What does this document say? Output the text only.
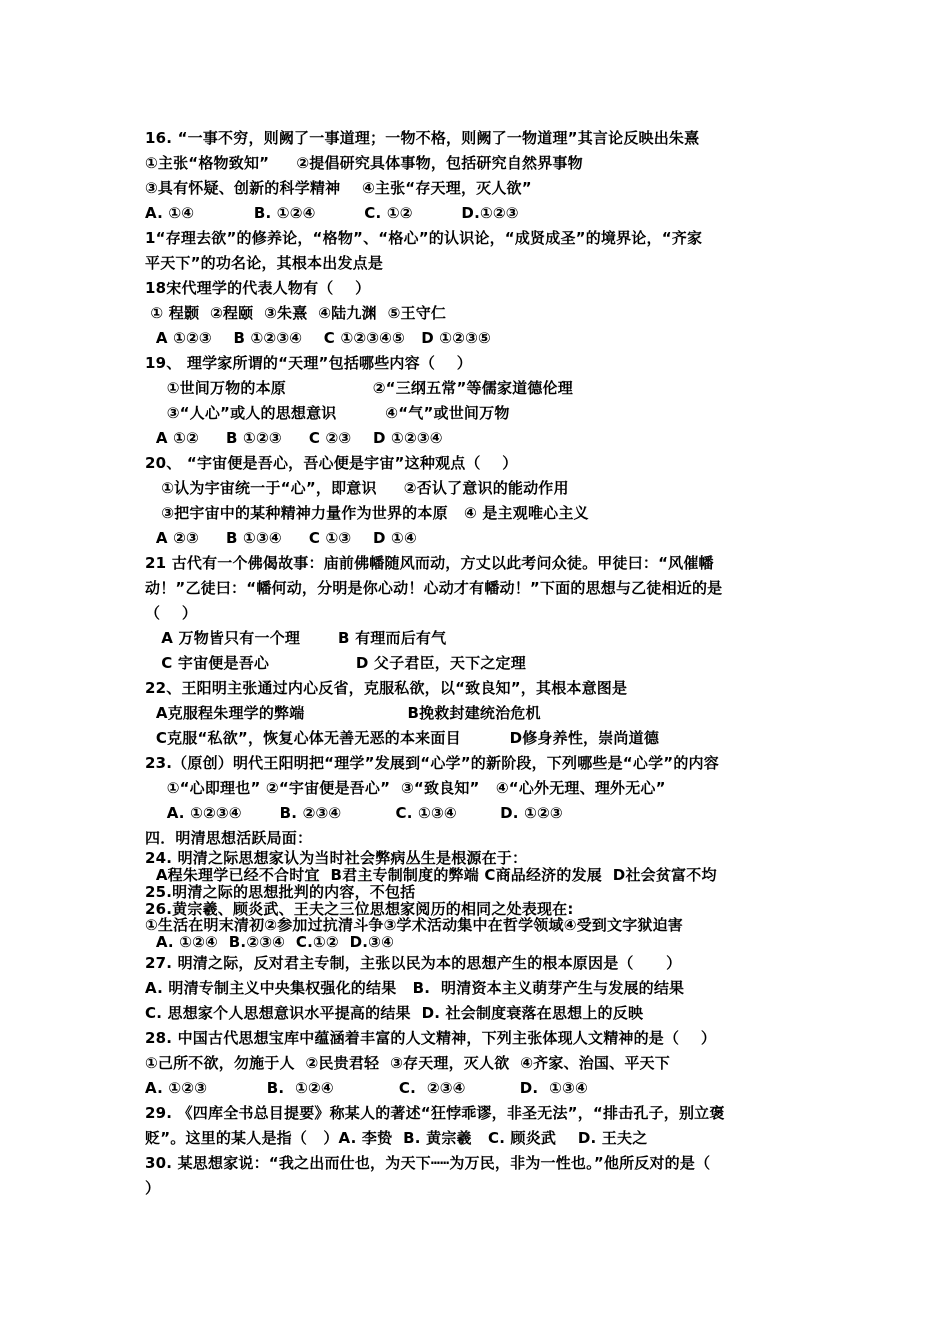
16. “一事不穷，则阙了一事道理；一物不格，则阙了一物道理”其言论反映出朱熹
①主张“格物致知”     ②提倡研究具体事物，包括研究自然界事物
③具有怀疑、创新的科学精神    ④主张“存天理，灭人欲”
A. ①④           B. ①②④         C. ①②         D.①②③
1“存理去欲”的修养论，“格物”、“格心”的认识论，“成贤成圣”的境界论，“齐家
平天下”的功名论，其根本出发点是
18宋代理学的代表人物有（    ）
① 程颢  ②程颐  ③朱熹  ④陆九渊  ⑤王守仁
A ①②③    B ①②③④    C ①②③④⑤   D ①②③⑤
19、 理学家所谓的“天理”包括哪些内容（    ）
①世间万物的本原                ②“三纲五常”等儒家道德伦理
③“人心”或人的思想意识         ④“气”或世间万物
A ①②     B ①②③     C ②③    D ①②③④
20、 “宇宙便是吾心，吾心便是宇宙”这种观点（    ）
①认为宇宙统一于“心”，即意识     ②否认了意识的能动作用
③把宇宙中的某种精神力量作为世界的本原   ④ 是主观唯心主义
A ②③     B ①③④     C ①③    D ①④
21 古代有一个佛偈故事：庙前佛幡随风而动，方丈以此考问众徒。甲徒曰：“风催幡
动！”乙徒曰：“幡何动，分明是你心动！心动才有幡动！”下面的思想与乙徒相近的是
（    ）
A 万物皆只有一个理       B 有理而后有气
C 宇宙便是吾心                D 父子君臣，天下之定理
22、王阳明主张通过内心反省，克服私欲，以“致良知”，其根本意图是
A克服程朱理学的弊端                   B挽救封建统治危机
C克服“私欲”，恢复心体无善无恶的本来面目         D修身养性，崇尚道德
23.（原创）明代王阳明把“理学”发展到“心学”的新阶段，下列哪些是“心学”的内容
①“心即理也” ②“宇宙便是吾心”  ③“致良知”   ④“心外无理、理外无心”
A. ①②③④       B. ②③④          C. ①③④        D. ①②③
四．明清思想活跃局面：
24. 明清之际思想家认为当时社会弊病丛生是根源在于：
A程朱理学已经不合时宜  B君主专制制度的弊端 C商品经济的发展  D社会贫富不均
25.明清之际的思想批判的内容，不包括
26.黄宗羲、顾炎武、王夫之三位思想家阅历的相同之处表现在:
①生活在明末清初②参加过抗清斗争③学术活动集中在哲学领域④受到文字狱迫害
A. ①②④  B.②③④  C.①②  D.③④
27. 明清之际，反对君主专制，主张以民为本的思想产生的根本原因是（      ）
A. 明清专制主义中央集权强化的结果   B.  明清资本主义萌芽产生与发展的结果
C. 思想家个人思想意识水平提高的结果  D. 社会制度衰落在思想上的反映
28. 中国古代思想宝库中蕴涵着丰富的人文精神，下列主张体现人文精神的是（    ）
①己所不欲，勿施于人  ②民贵君轻  ③存天理，灭人欲  ④齐家、治国、平天下
A. ①②③           B.  ①②④            C.  ②③④          D.  ①③④
29. 《四库全书总目提要》称某人的著述“狂悖乖谬，非圣无法”，“排击孔子，别立褒
贬”。这里的某人是指（   ）A. 李贽  B. 黄宗羲   C. 顾炎武    D. 王夫之
30. 某思想家说：“我之出而仕也，为天下┅┅为万民，非为一性也。”他所反对的是（
）
